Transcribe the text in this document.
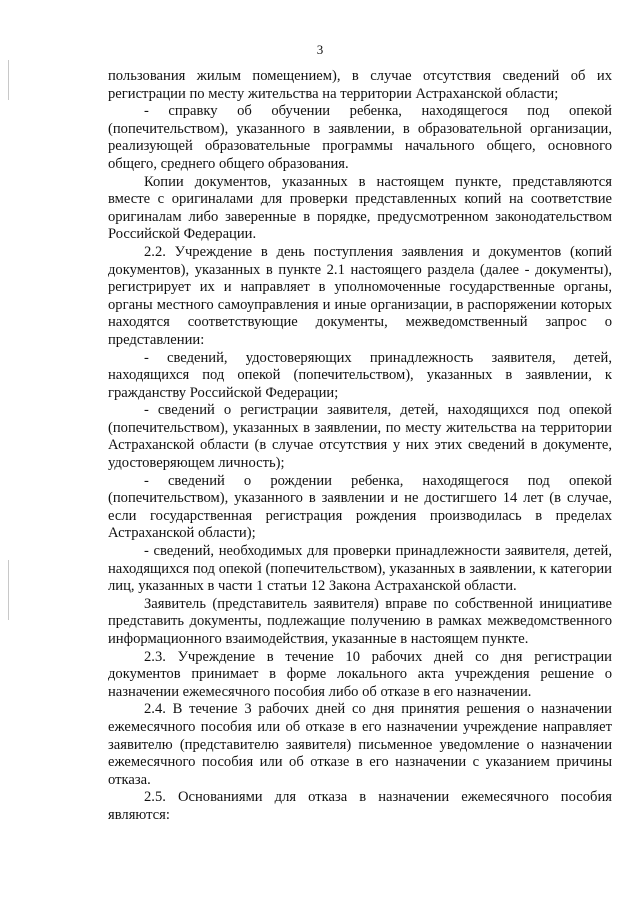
3

пользования жилым помещением), в случае отсутствия сведений об их регистрации по месту жительства на территории Астраханской области;

- справку об обучении ребенка, находящегося под опекой (попечительством), указанного в заявлении, в образовательной организации, реализующей образовательные программы начального общего, основного общего, среднего общего образования.

Копии документов, указанных в настоящем пункте, представляются вместе с оригиналами для проверки представленных копий на соответствие оригиналам либо заверенные в порядке, предусмотренном законодательством Российской Федерации.

2.2. Учреждение в день поступления заявления и документов (копий документов), указанных в пункте 2.1 настоящего раздела (далее - документы), регистрирует их и направляет в уполномоченные государственные органы, органы местного самоуправления и иные организации, в распоряжении которых находятся соответствующие документы, межведомственный запрос о представлении:

- сведений, удостоверяющих принадлежность заявителя, детей, находящихся под опекой (попечительством), указанных в заявлении, к гражданству Российской Федерации;

- сведений о регистрации заявителя, детей, находящихся под опекой (попечительством), указанных в заявлении, по месту жительства на территории Астраханской области (в случае отсутствия у них этих сведений в документе, удостоверяющем личность);

- сведений о рождении ребенка, находящегося под опекой (попечительством), указанного в заявлении и не достигшего 14 лет (в случае, если государственная регистрация рождения производилась в пределах Астраханской области);

- сведений, необходимых для проверки принадлежности заявителя, детей, находящихся под опекой (попечительством), указанных в заявлении, к категории лиц, указанных в части 1 статьи 12 Закона Астраханской области.

Заявитель (представитель заявителя) вправе по собственной инициативе представить документы, подлежащие получению в рамках межведомственного информационного взаимодействия, указанные в настоящем пункте.

2.3. Учреждение в течение 10 рабочих дней со дня регистрации документов принимает в форме локального акта учреждения решение о назначении ежемесячного пособия либо об отказе в его назначении.

2.4. В течение 3 рабочих дней со дня принятия решения о назначении ежемесячного пособия или об отказе в его назначении учреждение направляет заявителю (представителю заявителя) письменное уведомление о назначении ежемесячного пособия или об отказе в его назначении с указанием причины отказа.

2.5. Основаниями для отказа в назначении ежемесячного пособия являются:
